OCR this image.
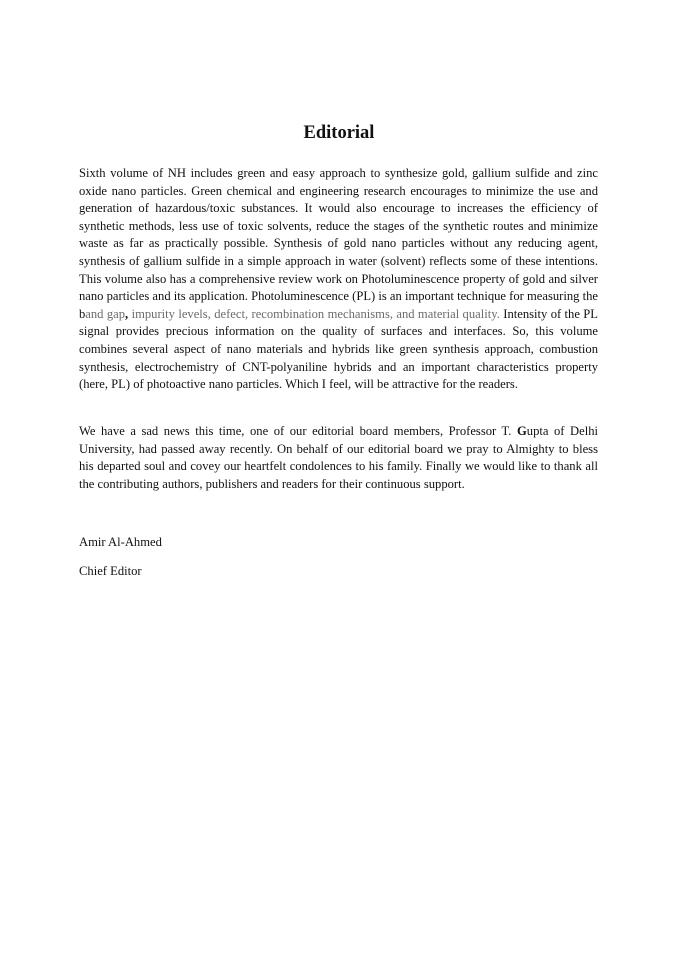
Editorial

Sixth volume of NH includes green and easy approach to synthesize gold, gallium sulfide and zinc oxide nano particles. Green chemical and engineering research encourages to minimize the use and generation of hazardous/toxic substances. It would also encourage to increases the efficiency of synthetic methods, less use of toxic solvents, reduce the stages of the synthetic routes and minimize waste as far as practically possible. Synthesis of gold nano particles without any reducing agent, synthesis of gallium sulfide in a simple approach in water (solvent) reflects some of these intentions. This volume also has a comprehensive review work on Photoluminescence property of gold and silver nano particles and its application. Photoluminescence (PL) is an important technique for measuring the band gap, impurity levels, defect, recombination mechanisms, and material quality. Intensity of the PL signal provides precious information on the quality of surfaces and interfaces. So, this volume combines several aspect of nano materials and hybrids like green synthesis approach, combustion synthesis, electrochemistry of CNT-polyaniline hybrids and an important characteristics property (here, PL) of photoactive nano particles. Which I feel, will be attractive for the readers.

We have a sad news this time, one of our editorial board members, Professor T. Gupta of Delhi University, had passed away recently. On behalf of our editorial board we pray to Almighty to bless his departed soul and covey our heartfelt condolences to his family. Finally we would like to thank all the contributing authors, publishers and readers for their continuous support.

Amir Al-Ahmed

Chief Editor
